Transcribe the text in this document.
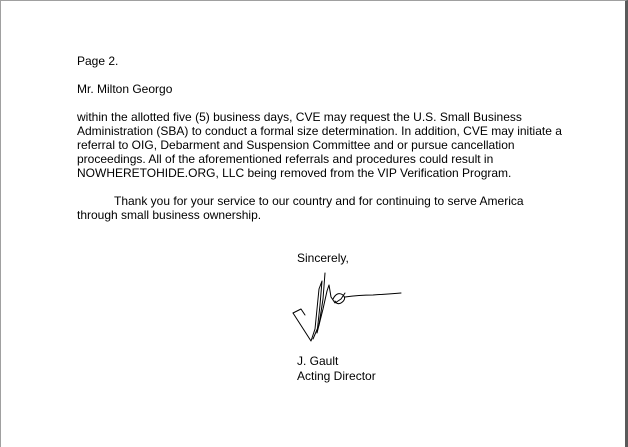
Page 2.
Mr. Milton Georgo
within the allotted five (5) business days, CVE may request the U.S. Small Business
Administration (SBA) to conduct a formal size determination. In addition, CVE may initiate a
referral to OIG, Debarment and Suspension Committee and or pursue cancellation
proceedings. All of the aforementioned referrals and procedures could result in
NOWHERETOHIDE.ORG, LLC being removed from the VIP Verification Program.
Thank you for your service to our country and for continuing to serve America
through small business ownership.
Sincerely,
J. Gault
Acting Director
